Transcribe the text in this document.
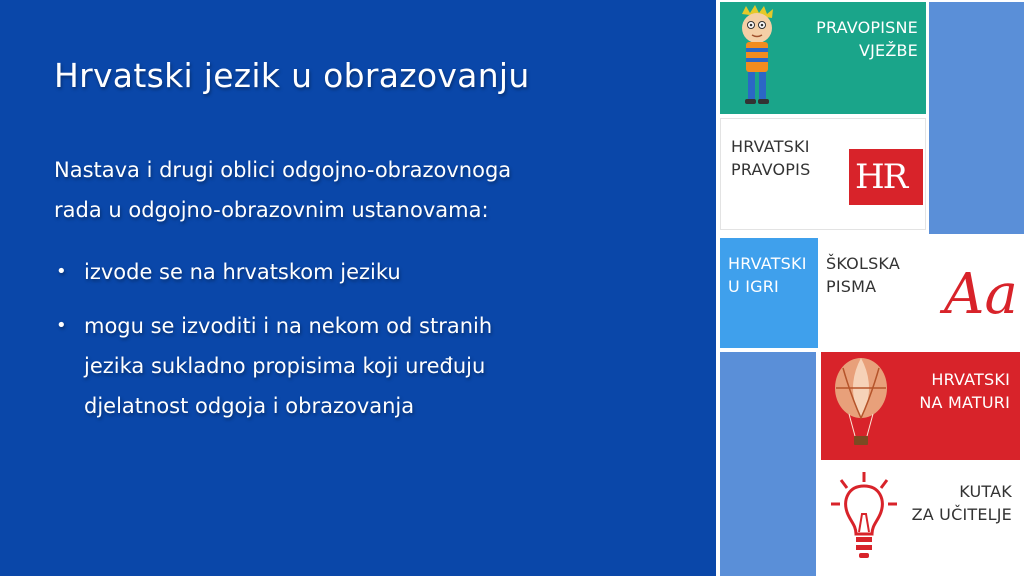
Hrvatski jezik u obrazovanju
Nastava i drugi oblici odgojno-obrazovnoga
rada u odgojno-obrazovnim ustanovama:
• izvode se na hrvatskom jeziku
• mogu se izvoditi i na nekom od stranih
jezika sukladno propisima koji uređuju
djelatnost odgoja i obrazovanja
PRAVOPISNE
VJEŽBE
HRVATSKI
PRAVOPIS HR
HRVATSKI
U IGRI
ŠKOLSKA
PISMA	Aa
HRVATSKI
NA MATURI
KUTAK
ZA UČITELJE
